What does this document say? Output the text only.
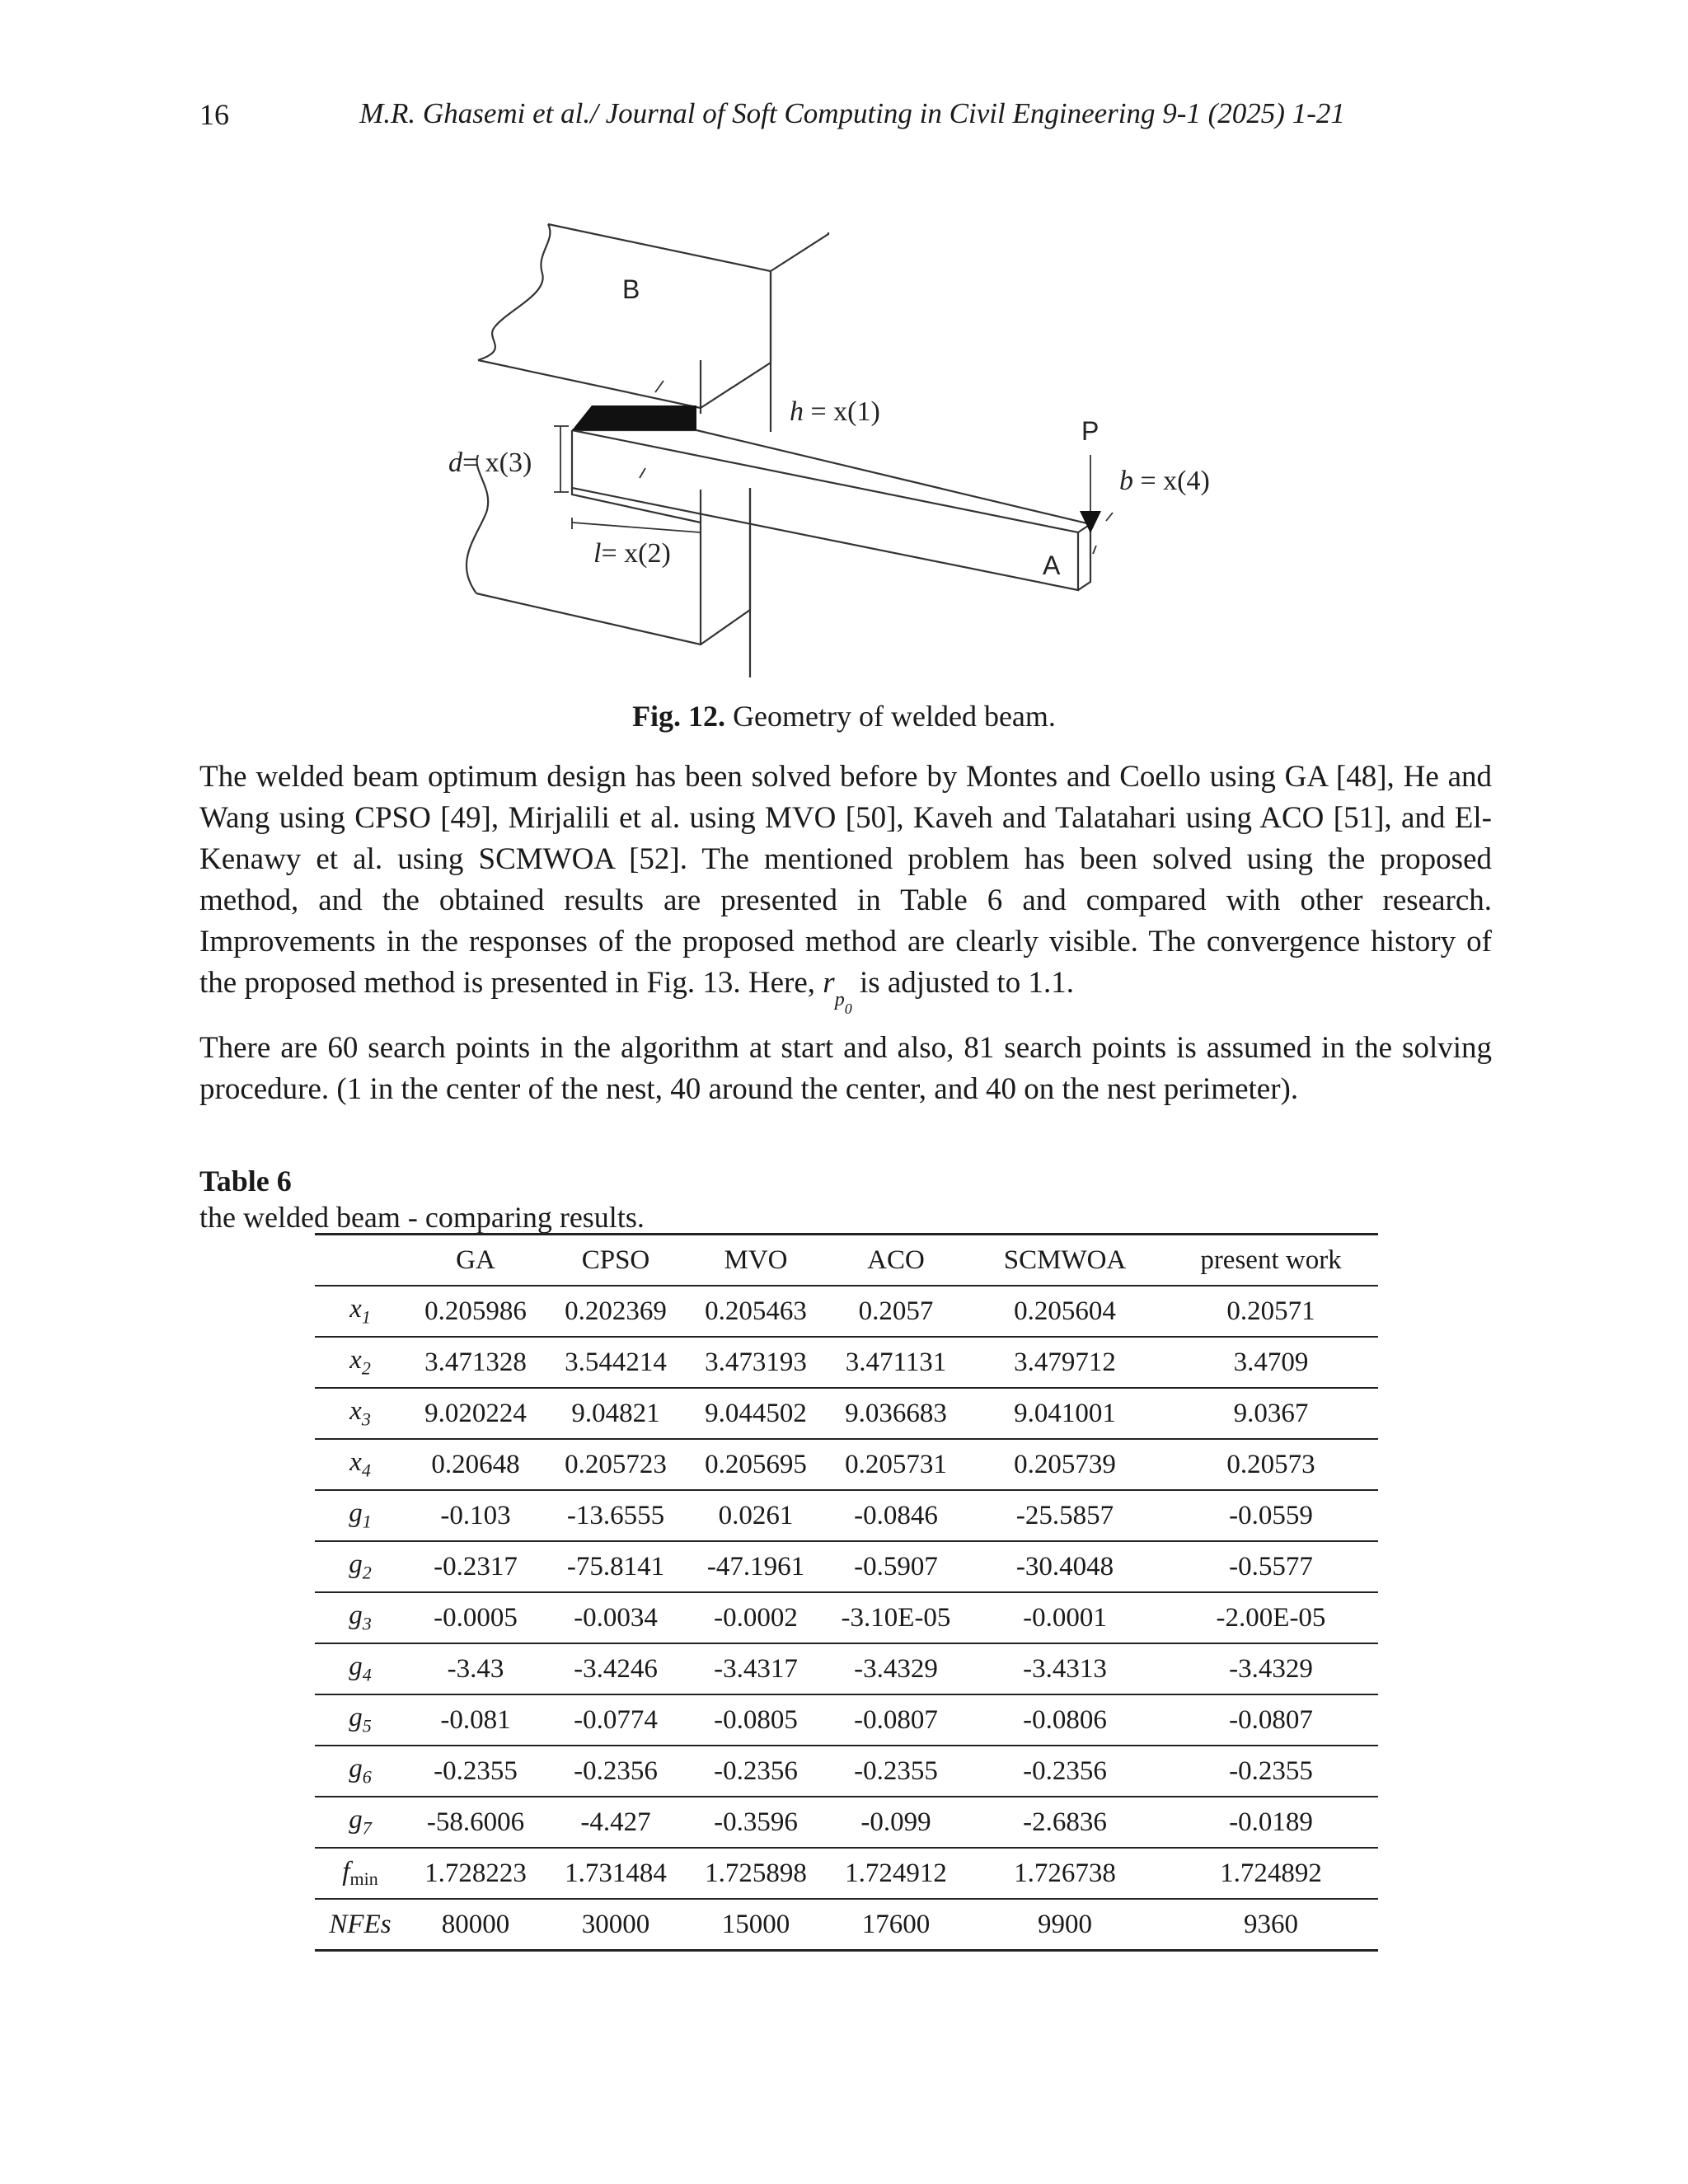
16	M.R. Ghasemi et al./ Journal of Soft Computing in Civil Engineering 9-1 (2025) 1-21
B
A
P
h = x(1)
d= x(3)
l= x(2)
b = x(4)
Fig. 12. Geometry of welded beam.

The welded beam optimum design has been solved before by Montes and Coello using GA [48], He and Wang using CPSO [49], Mirjalili et al. using MVO [50], Kaveh and Talatahari using ACO [51], and El-Kenawy et al. using SCMWOA [52]. The mentioned problem has been solved using the proposed method, and the obtained results are presented in Table 6 and compared with other research. Improvements in the responses of the proposed method are clearly visible. The convergence history of the proposed method is presented in Fig. 13. Here, $r_{p_0}$ is adjusted to 1.1.

There are 60 search points in the algorithm at start and also, 81 search points is assumed in the solving procedure. (1 in the center of the nest, 40 around the center, and 40 on the nest perimeter).

Table 6
the welded beam - comparing results.
	GA	CPSO	MVO	ACO	SCMWOA	present work
$x_1$	0.205986	0.202369	0.205463	0.2057	0.205604	0.20571
$x_2$	3.471328	3.544214	3.473193	3.471131	3.479712	3.4709
$x_3$	9.020224	9.04821	9.044502	9.036683	9.041001	9.0367
$x_4$	0.20648	0.205723	0.205695	0.205731	0.205739	0.20573
$g_1$	-0.103	-13.6555	0.0261	-0.0846	-25.5857	-0.0559
$g_2$	-0.2317	-75.8141	-47.1961	-0.5907	-30.4048	-0.5577
$g_3$	-0.0005	-0.0034	-0.0002	-3.10E-05	-0.0001	-2.00E-05
$g_4$	-3.43	-3.4246	-3.4317	-3.4329	-3.4313	-3.4329
$g_5$	-0.081	-0.0774	-0.0805	-0.0807	-0.0806	-0.0807
$g_6$	-0.2355	-0.2356	-0.2356	-0.2355	-0.2356	-0.2355
$g_7$	-58.6006	-4.427	-0.3596	-0.099	-2.6836	-0.0189
fmin	1.728223	1.731484	1.725898	1.724912	1.726738	1.724892
NFEs	80000	30000	15000	17600	9900	9360
